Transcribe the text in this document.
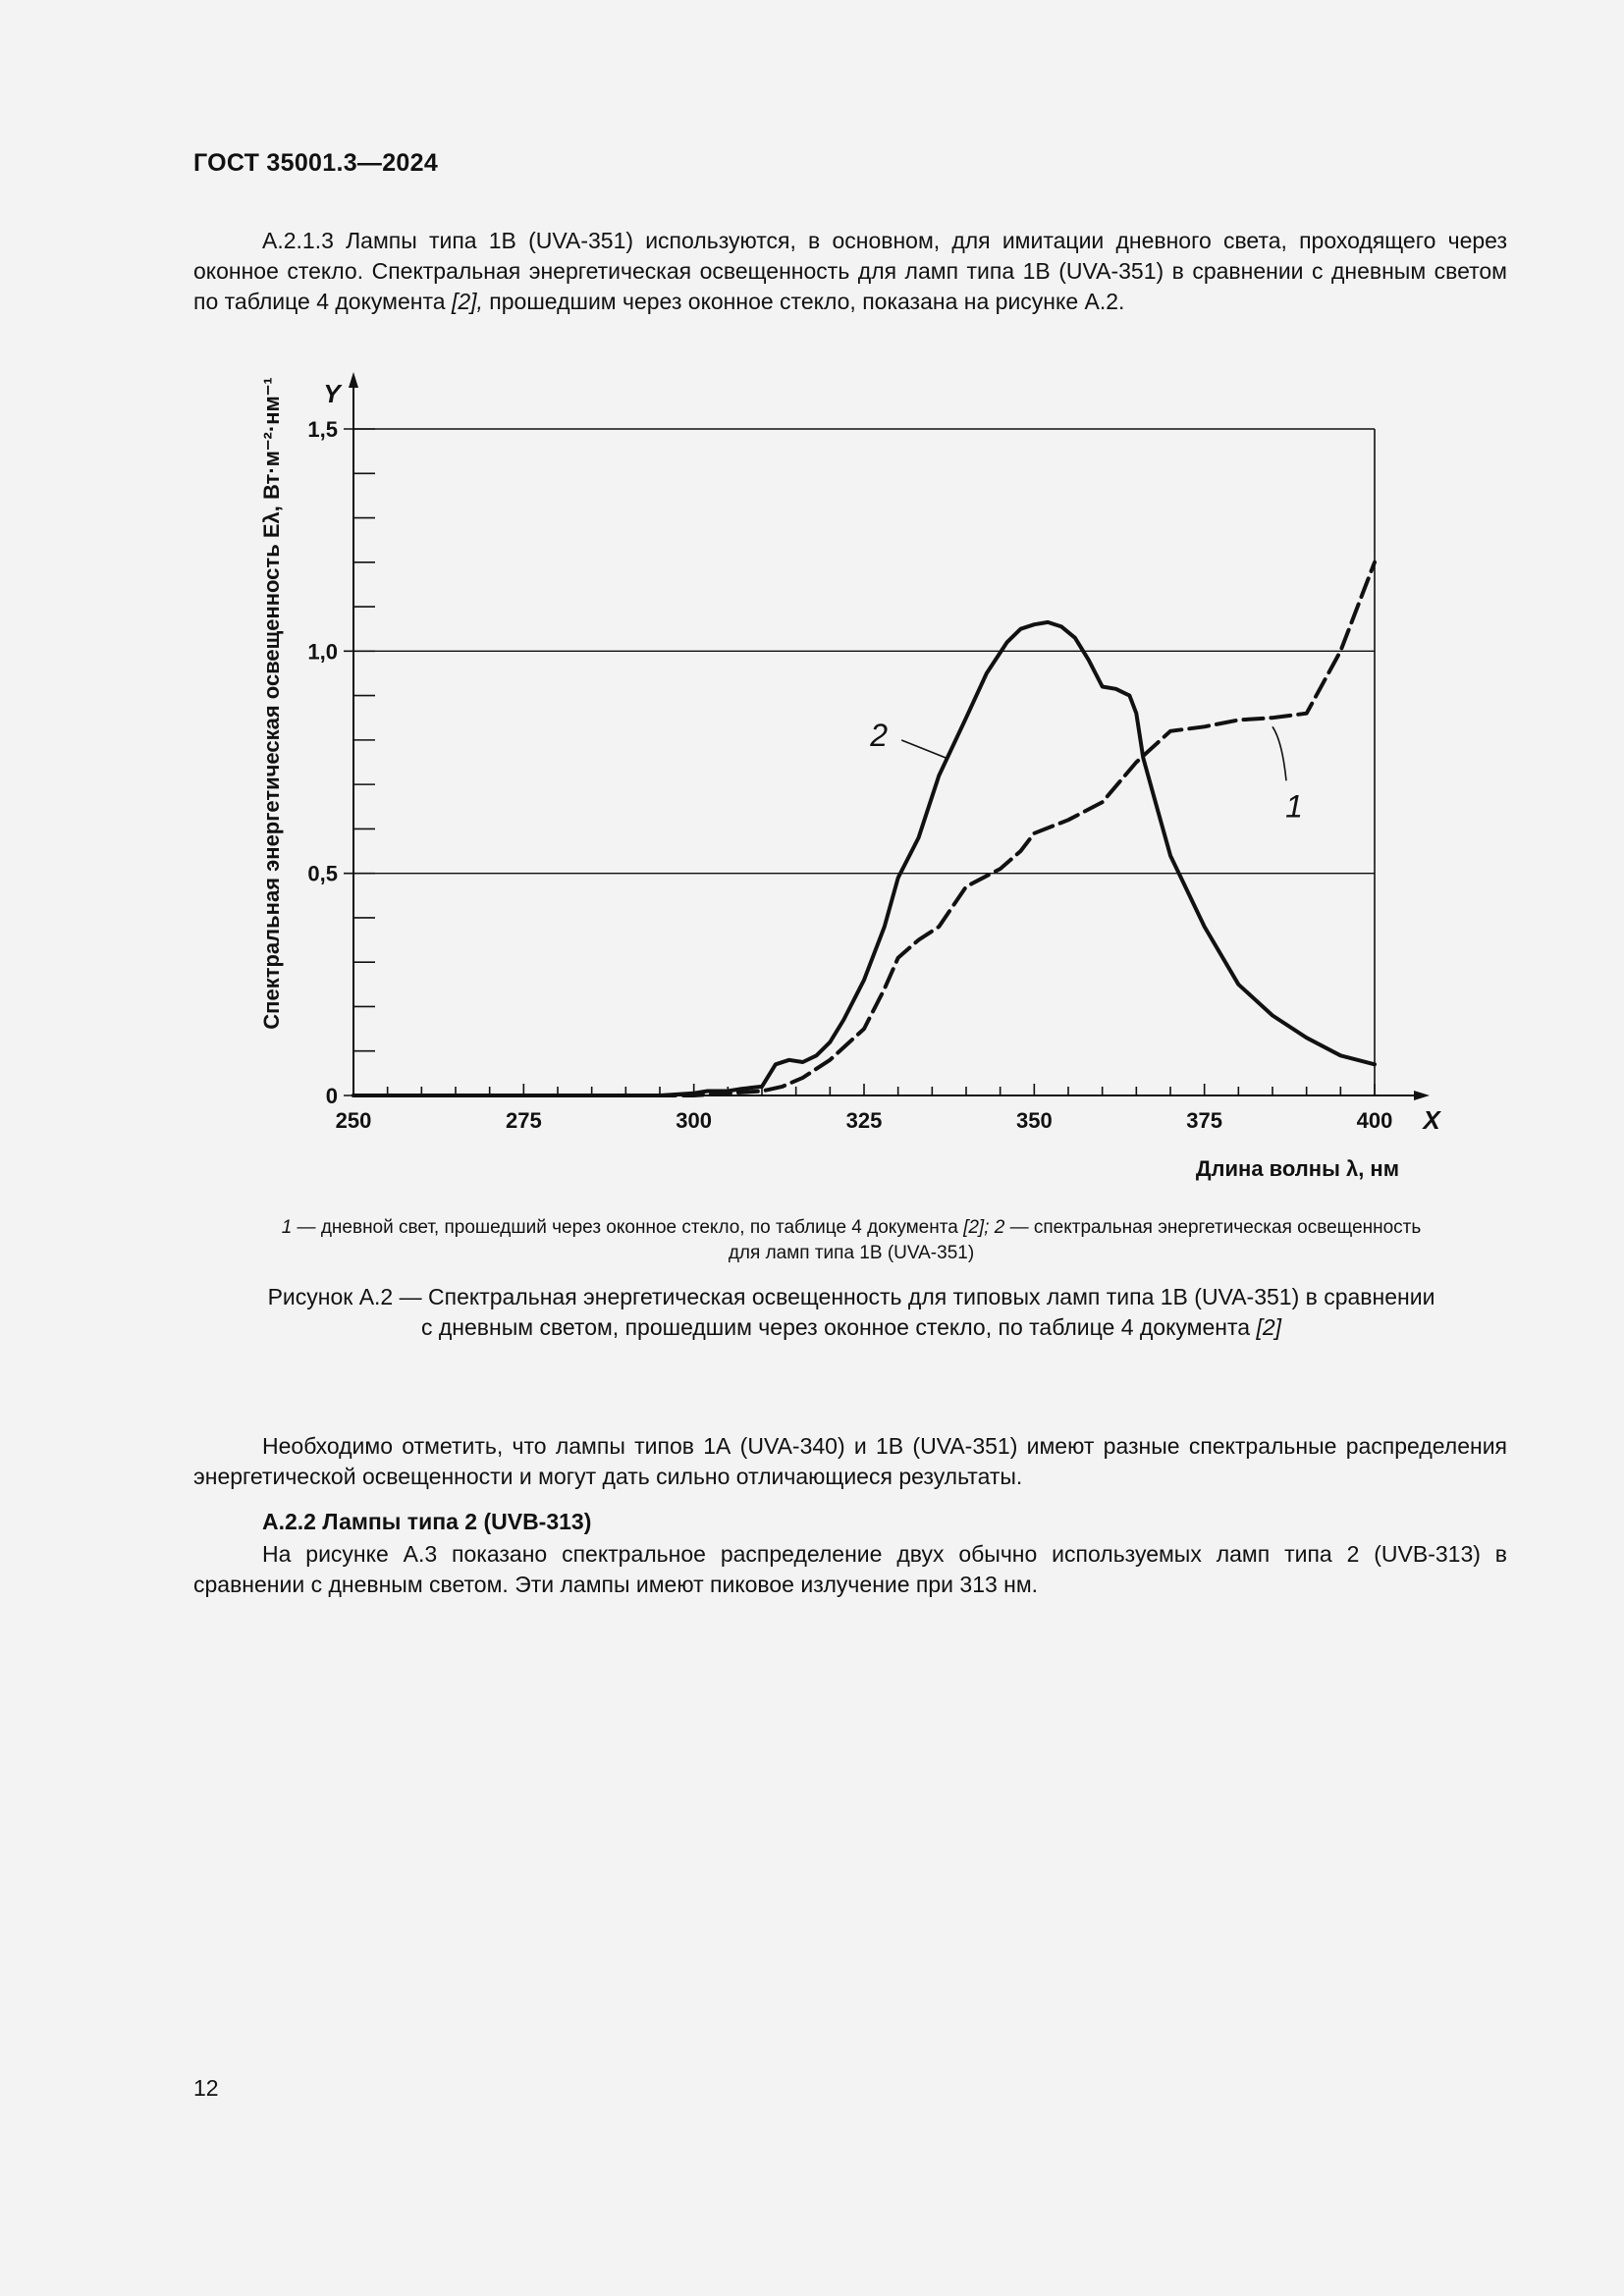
ГОСТ 35001.3—2024

А.2.1.3 Лампы типа 1В (UVA-351) используются, в основном, для имитации дневного света, проходящего через оконное стекло. Спектральная энергетическая освещенность для ламп типа 1В (UVA-351) в сравнении с дневным светом по таблице 4 документа [2], прошедшим через оконное стекло, показана на рисунке А.2.

250	275	300	325	350	375	400
0
0,5
1,0
1,5
X
Y
Длина волны λ, нм
Спектральная энергетическая освещенность Eλ, Вт·м⁻²·нм⁻¹	2
1

1 — дневной свет, прошедший через оконное стекло, по таблице 4 документа [2]; 2 — спектральная энергетическая освещенность
для ламп типа 1В (UVA-351)

Рисунок А.2 — Спектральная энергетическая освещенность для типовых ламп типа 1В (UVA-351) в сравнении
с дневным светом, прошедшим через оконное стекло, по таблице 4 документа [2]

Необходимо отметить, что лампы типов 1А (UVA-340) и 1В (UVA-351) имеют разные спектральные распределения энергетической освещенности и могут дать сильно отличающиеся результаты.

А.2.2 Лампы типа 2 (UVB-313)

На рисунке А.3 показано спектральное распределение двух обычно используемых ламп типа 2 (UVB-313) в сравнении с дневным светом. Эти лампы имеют пиковое излучение при 313 нм.

12
